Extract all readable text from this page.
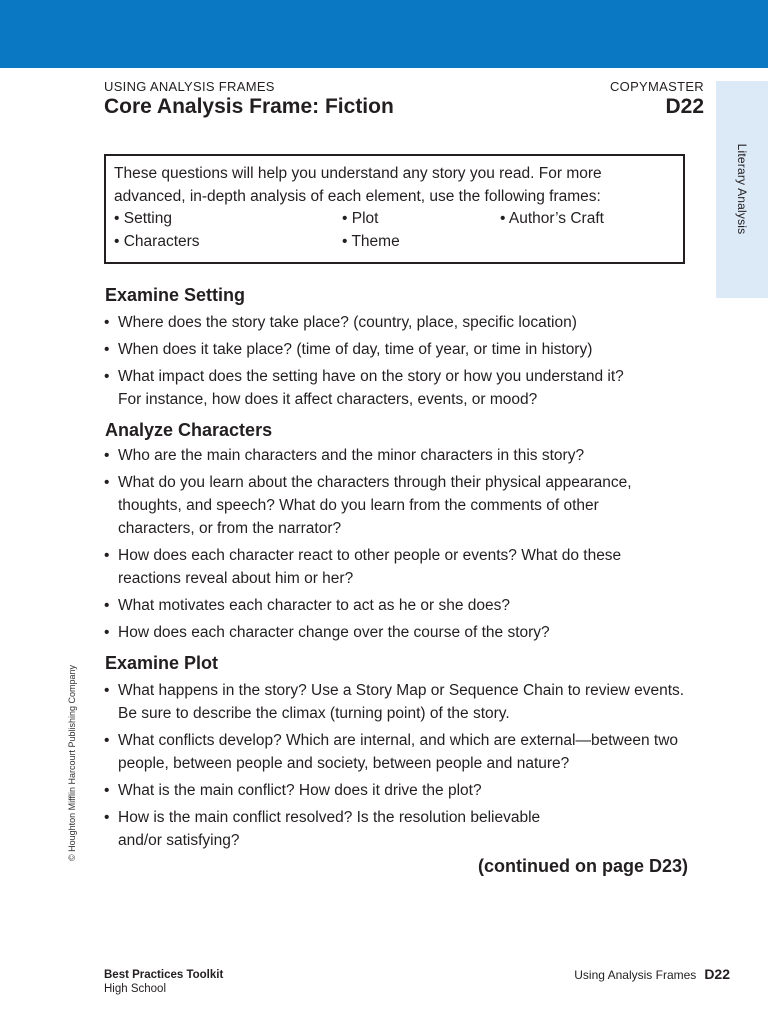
Literary Analysis
© Houghton Mifflin Harcourt Publishing Company
USING ANALYSIS FRAMES	COPYMASTER
Core Analysis Frame: Fiction	D22

These questions will help you understand any story you read. For more advanced, in-depth analysis of each element, use the following frames:

• Setting	• Plot	• Author’s Craft
• Characters	• Theme
Examine Setting
• Where does the story take place? (country, place, specific location)
• When does it take place? (time of day, time of year, or time in history)
• What impact does the setting have on the story or how you understand it? For instance, how does it affect characters, events, or mood?
Analyze Characters
• Who are the main characters and the minor characters in this story?
• What do you learn about the characters through their physical appearance, thoughts, and speech? What do you learn from the comments of other characters, or from the narrator?
• How does each character react to other people or events? What do these reactions reveal about him or her?
• What motivates each character to act as he or she does?
• How does each character change over the course of the story?
Examine Plot
• What happens in the story? Use a Story Map or Sequence Chain to review events. Be sure to describe the climax (turning point) of the story.
• What conflicts develop? Which are internal, and which are external—between two people, between people and society, between people and nature?
• What is the main conflict? How does it drive the plot?
• How is the main conflict resolved? Is the resolution believable and/or satisfying?
(continued on page D23)
Best Practices Toolkit
High School
Using Analysis Frames D22
